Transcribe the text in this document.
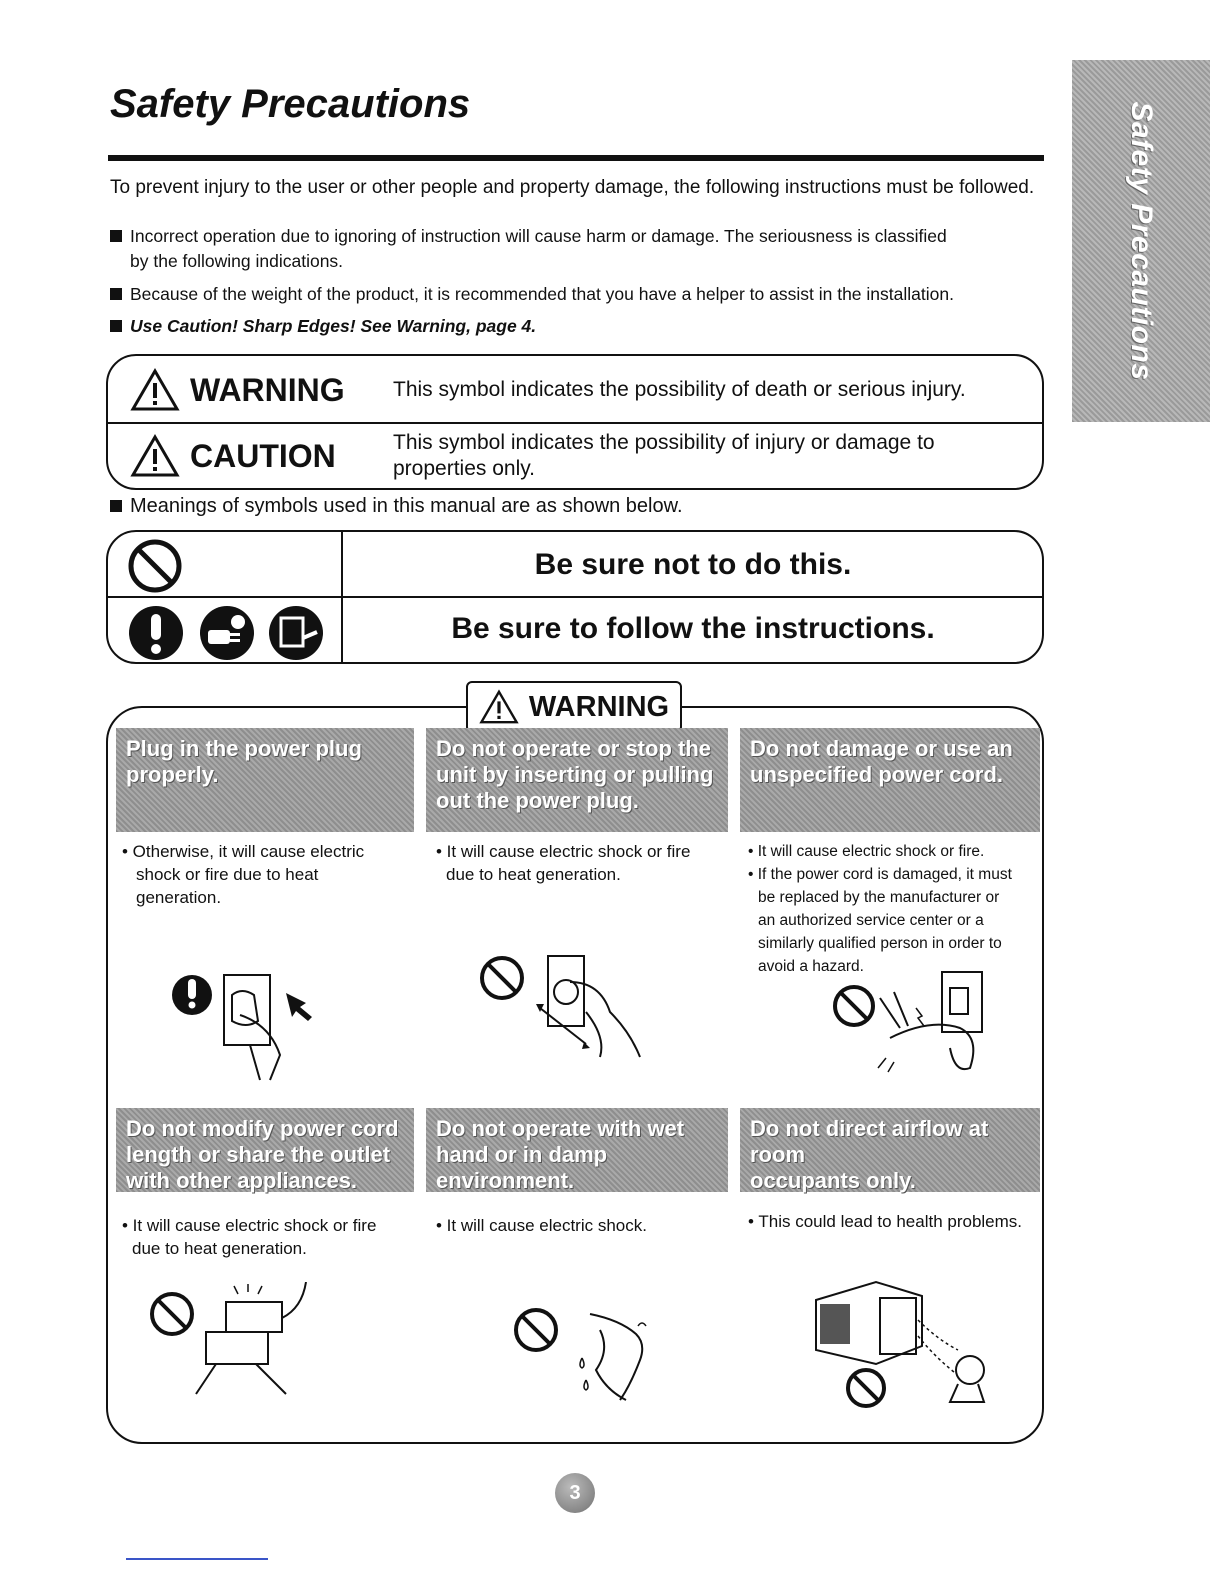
Safety Precautions
Safety Precautions
To prevent injury to the user or other people and property damage, the following instructions must be followed.
Incorrect operation due to ignoring of instruction will cause harm or damage. The seriousness is classified
by the following indications.
Because of the weight of the product, it is recommended that you have a helper to assist in the installation.
Use Caution! Sharp Edges! See Warning, page 4.
WARNING This symbol indicates the possibility of death or serious injury.
CAUTION	This symbol indicates the possibility of injury or damage to
properties only.
Meanings of symbols used in this manual are as shown below.
Be sure not to do this.
Be sure to follow the instructions.
WARNING
Plug in the power plug
properly.
• Otherwise, it will cause electric
shock or fire due to heat
generation.
Do not operate or stop the
unit by inserting or pulling
out the power plug.
• It will cause electric shock or fire
due to heat generation.
Do not damage or use an
unspecified power cord.
• It will cause electric shock or fire.
• If the power cord is damaged, it must
be replaced by the manufacturer or
an authorized service center or a
similarly qualified person in order to
avoid a hazard.
Do not modify power cord
length or share the outlet
with other appliances.
• It will cause electric shock or fire
due to heat generation.
Do not operate with wet
hand or in damp
environment.
• It will cause electric shock.
Do not direct airflow at room
occupants only.
• This could lead to health problems.
3
